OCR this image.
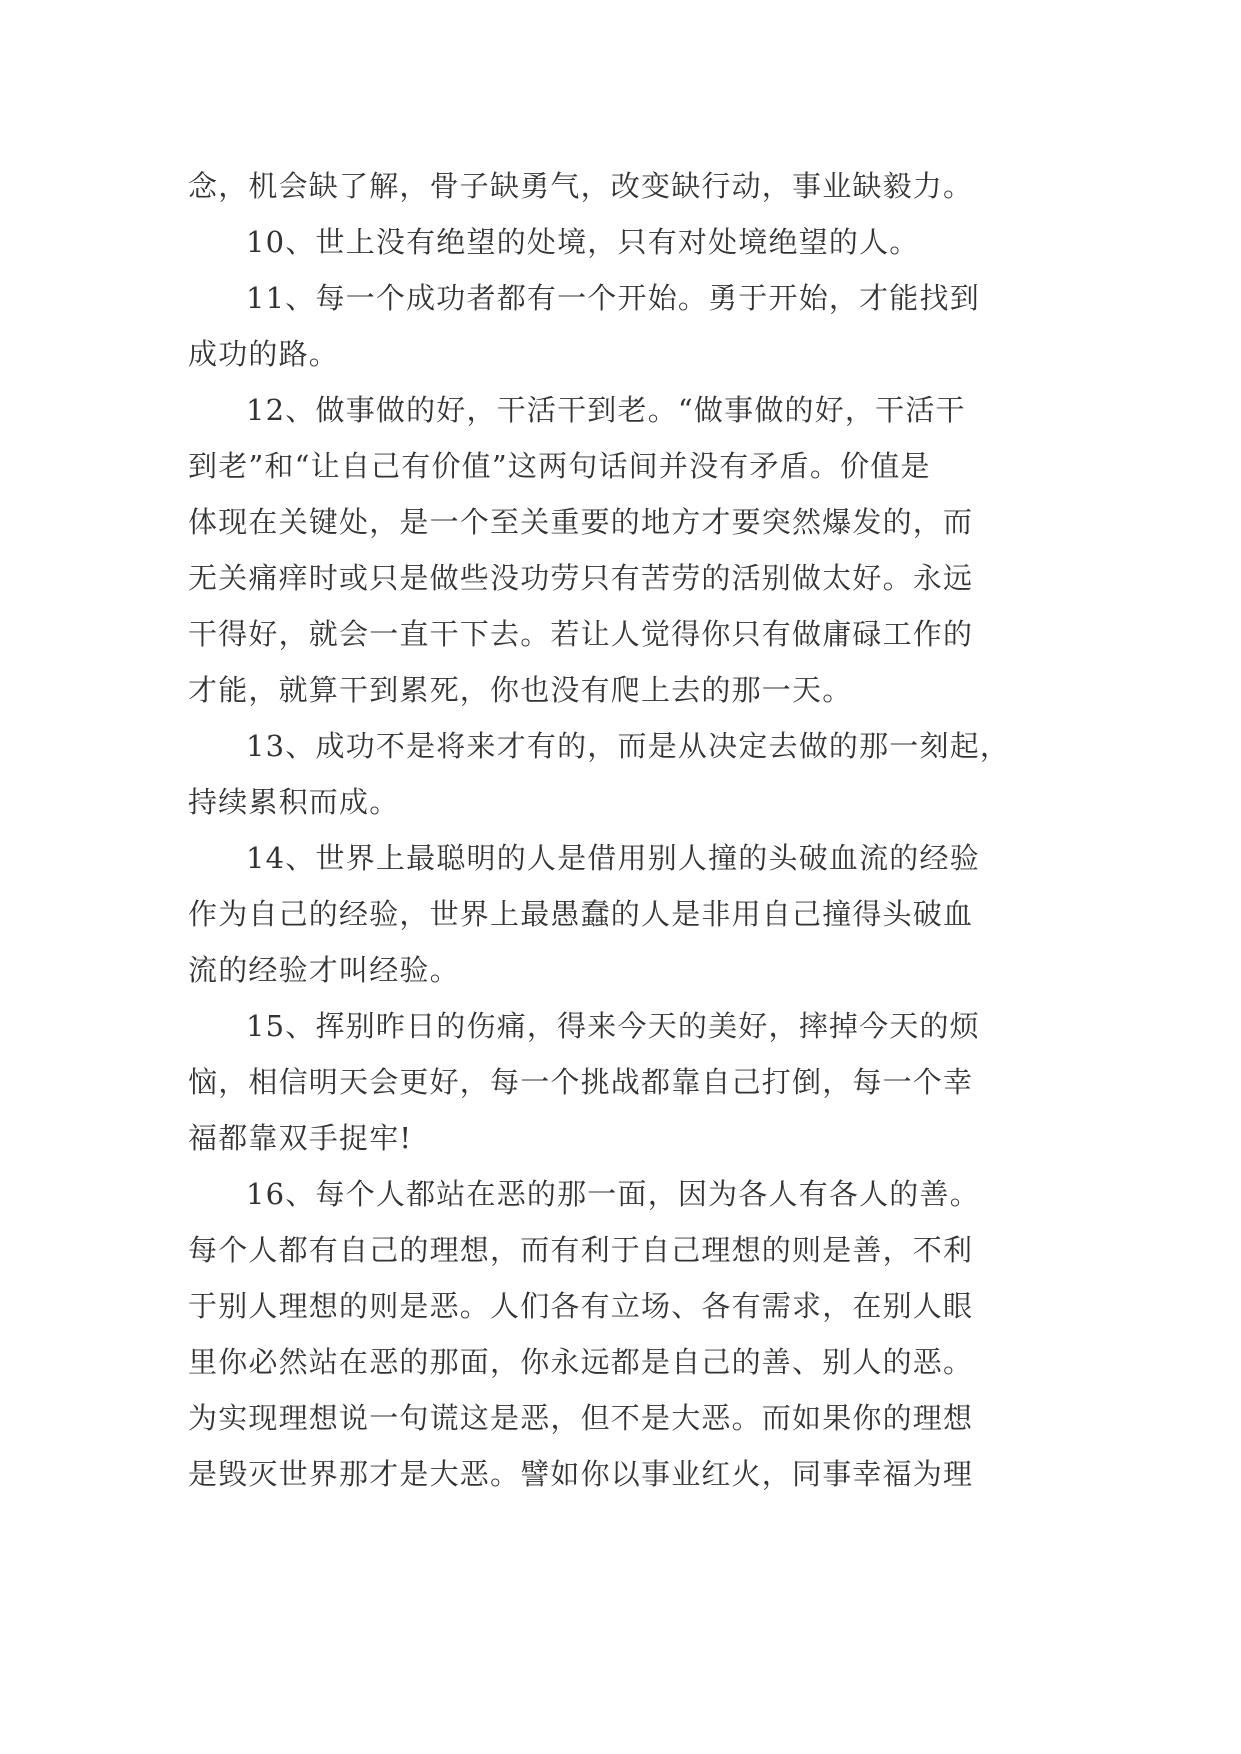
念，机会缺了解，骨子缺勇气，改变缺行动，事业缺毅力。
10、世上没有绝望的处境，只有对处境绝望的人。
11、每一个成功者都有一个开始。勇于开始，才能找到
成功的路。
12、做事做的好，干活干到老。“做事做的好，干活干
到老”和“让自己有价值”这两句话间并没有矛盾。价值是
体现在关键处，是一个至关重要的地方才要突然爆发的，而
无关痛痒时或只是做些没功劳只有苦劳的活别做太好。永远
干得好，就会一直干下去。若让人觉得你只有做庸碌工作的
才能，就算干到累死，你也没有爬上去的那一天。
13、成功不是将来才有的，而是从决定去做的那一刻起，
持续累积而成。
14、世界上最聪明的人是借用别人撞的头破血流的经验
作为自己的经验，世界上最愚蠢的人是非用自己撞得头破血
流的经验才叫经验。
15、挥别昨日的伤痛，得来今天的美好，摔掉今天的烦
恼，相信明天会更好，每一个挑战都靠自己打倒，每一个幸
福都靠双手捉牢!
16、每个人都站在恶的那一面，因为各人有各人的善。
每个人都有自己的理想，而有利于自己理想的则是善，不利
于别人理想的则是恶。人们各有立场、各有需求，在别人眼
里你必然站在恶的那面，你永远都是自己的善、别人的恶。
为实现理想说一句谎这是恶，但不是大恶。而如果你的理想
是毁灭世界那才是大恶。譬如你以事业红火，同事幸福为理
